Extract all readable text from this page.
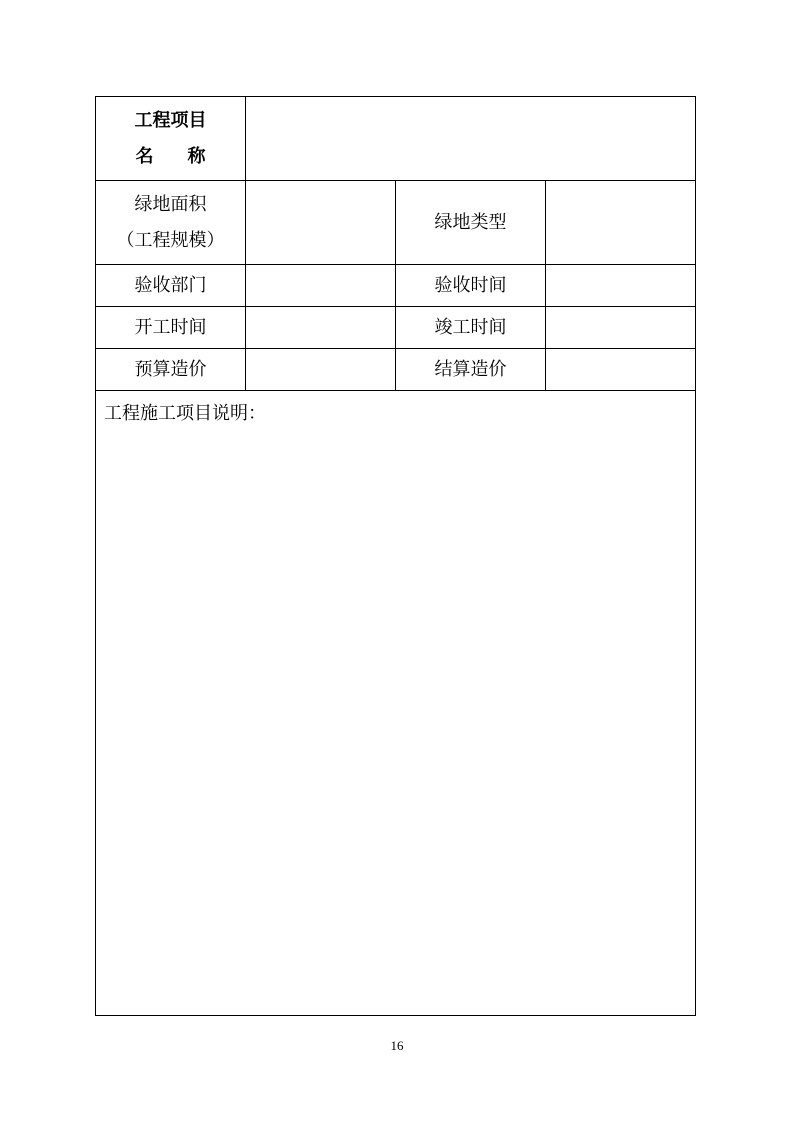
工程项目
名 称			

绿地面积
（工程规模）		绿地类型	
验收部门		验收时间	
开工时间		竣工时间	
预算造价		结算造价	

工程施工项目说明：			
16
